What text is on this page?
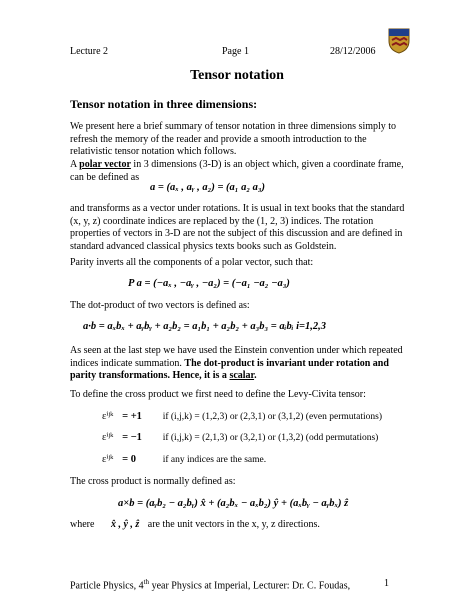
Lecture 2	Page 1	28/12/2006
Tensor notation
Tensor notation in three dimensions:
We present here a brief summary of tensor notation in three dimensions simply to refresh the memory of the reader and provide a smooth introduction to the relativistic tensor notation which follows.
A polar vector in 3 dimensions (3-D) is an object which, given a coordinate frame, can be defined as
a = (aₓ , aᵧ , a₂) = (a₁ a₂ a₃)
and transforms as a vector under rotations. It is usual in text books that the standard (x, y, z) coordinate indices are replaced by the (1, 2, 3) indices. The rotation properties of vectors in 3-D are not the subject of this discussion and are defined in standard advanced classical physics texts books such as Goldstein.
Parity inverts all the components of a polar vector, such that:
P a = (−aₓ , −aᵧ , −a₂) = (−a₁ −a₂ −a₃)
The dot-product of two vectors is defined as:
a·b = aₓbₓ + aᵧbᵧ + a₂b₂ = a₁b₁ + a₂b₂ + a₃b₃ = aᵢbᵢ i=1,2,3
As seen at the last step we have used the Einstein convention under which repeated indices indicate summation. The dot-product is invariant under rotation and parity transformations. Hence, it is a scalar.
To define the cross product we first need to define the Levy-Civita tensor:
εⁱʲᵏ = +1 if (i,j,k) = (1,2,3) or (2,3,1) or (3,1,2) (even permutations)
εⁱʲᵏ = −1 if (i,j,k) = (2,1,3) or (3,2,1) or (1,3,2) (odd permutations)
εⁱʲᵏ = 0	if any indices are the same.
The cross product is normally defined as:
a×b = (aᵧb₂ − a₂bᵧ) x̂ + (a₂bₓ − aₓb₂) ŷ + (aₓbᵧ − aᵧbₓ) ẑ
where x̂ , ŷ , ẑ are the unit vectors in the x, y, z directions.
Particle Physics, 4th year Physics at Imperial, Lecturer: Dr. C. Foudas,	1
